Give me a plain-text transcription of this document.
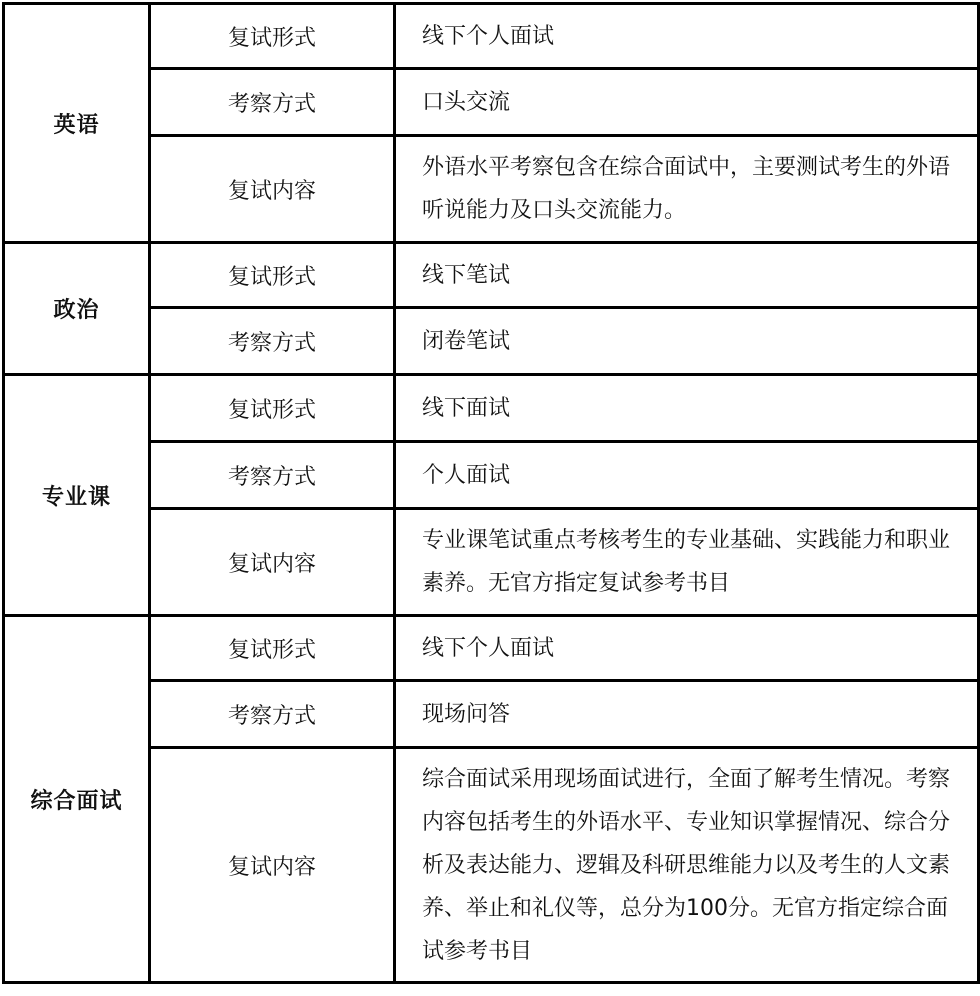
英语	复试形式	线下个人面试
	考察方式	口头交流
	复试内容	外语水平考察包含在综合面试中，主要测试考生的外语听说能力及口头交流能力。
政治	复试形式	线下笔试
	考察方式	闭卷笔试
专业课	复试形式	线下面试
	考察方式	个人面试
	复试内容	专业课笔试重点考核考生的专业基础、实践能力和职业素养。无官方指定复试参考书目
综合面试	复试形式	线下个人面试
	考察方式	现场问答
	复试内容	综合面试采用现场面试进行，全面了解考生情况。考察内容包括考生的外语水平、专业知识掌握情况、综合分析及表达能力、逻辑及科研思维能力以及考生的人文素养、举止和礼仪等，总分为100分。无官方指定综合面试参考书目
